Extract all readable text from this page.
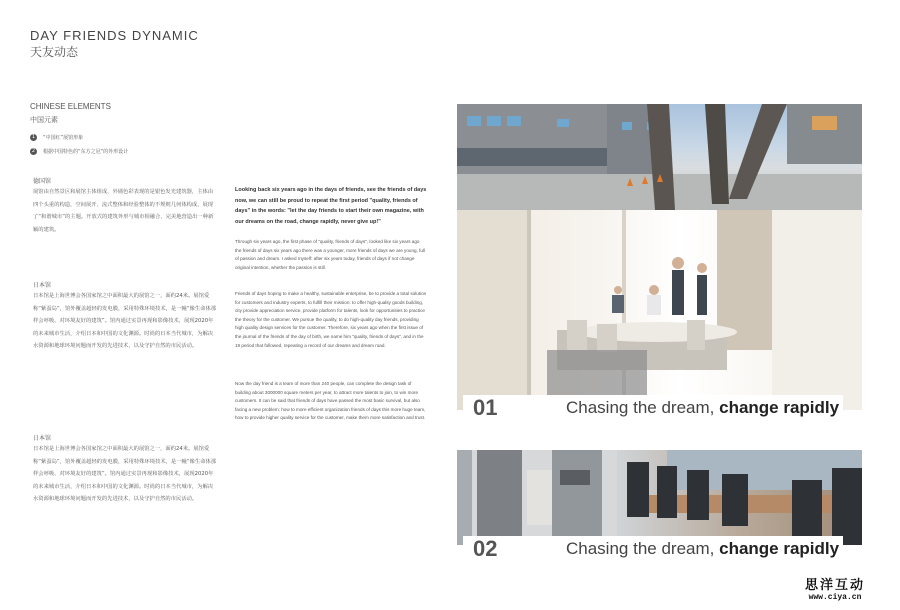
DAY FRIENDS DYNAMIC
天友动态
CHINESE ELEMENTS
中国元素
1	“中国红”展馆形象
2	根据中国特色的“东方之冠”的外形设计
德国馆
展馆由自然景区和展馆主体组成，外墙色彩表现的是银色发光建筑器，主体由四个头重的构造，空间展开、流式整体和经验整体的不规则几何体构成，展现了“和谐城市”的主题。开放式的建筑外形与城市相融合，完美地营造出一种新颖的建筑。
日本馆
日本馆是上海世博会各国家馆之中面积最大的展馆之一，面约24米。展馆爱称“紫蚕岛”，馆外覆盖超轻的发电膜，采用特殊环境技术，是一幢“像生命体那样会呼吸、对环境友好的建筑”。馆内通过实景再现和影像技术，展现2020年的未来城市生活，介绍日本和中国的文化渊源。时尚的日本当代城市，为解决水资源和地球环境问题而开发的先进技术，以及守护自然的市民活动。
日本馆
日本馆是上海世博会各国家馆之中面积最大的展馆之一，面约24米。展馆爱称“紫蚕岛”，馆外覆盖超轻的发电膜，采用特殊环境技术，是一幢“像生命体那样会呼吸、对环境友好的建筑”。馆内通过实景再现和影像技术，展现2020年的未来城市生活，介绍日本和中国的文化渊源。时尚的日本当代城市，为解决水资源和地球环境问题而开发的先进技术，以及守护自然的市民活动。
Looking back six years ago in the days of friends, see the friends of days now, we can still be proud to repeat the first period "quality, friends of days" in the words: "let the day friends to start their own magazine, with our dreams on the road, change rapidly, never give up!"
Through six years ago, the first phase of "quality, friends of days", looked like six years ago the friends of days six years ago there was a younger, more friends of days we are young, full of passion and dream. I asked myself: after six years today, friends of days if not change original intention, whether the passion is still.
Friends of days hoping to make a healthy, sustainable enterprise, be to provide a total solution for customers and industry experts, to fulfill their mission: to offer high-quality goods building, city provide appreciation service, provide platform for talents, look for opportunities to practice the theory for the customer. We pursue the quality, to do high-quality day friends, providing high quality design services for the customer. Therefore, six years ago when the first issue of the journal of the friends of the day of birth, we name him "quality, friends of days", and in the 19 period that followed, repeating a record of our dreams and dream road.
Now the day friend is a team of more than 240 people, can complete the design task of building about 3000000 square meters per year, to attract more talents to join, to win more customers. It can be said that friends of days have passed the most basic survival, but also facing a new problem: how to more efficient organization friends of days this more huge team, how to provide higher quality service for the customer, make them more satisfaction and trust.	01	Chasing the dream, change rapidly
02	Chasing the dream, change rapidly
思洋互动
www.ciya.cn
